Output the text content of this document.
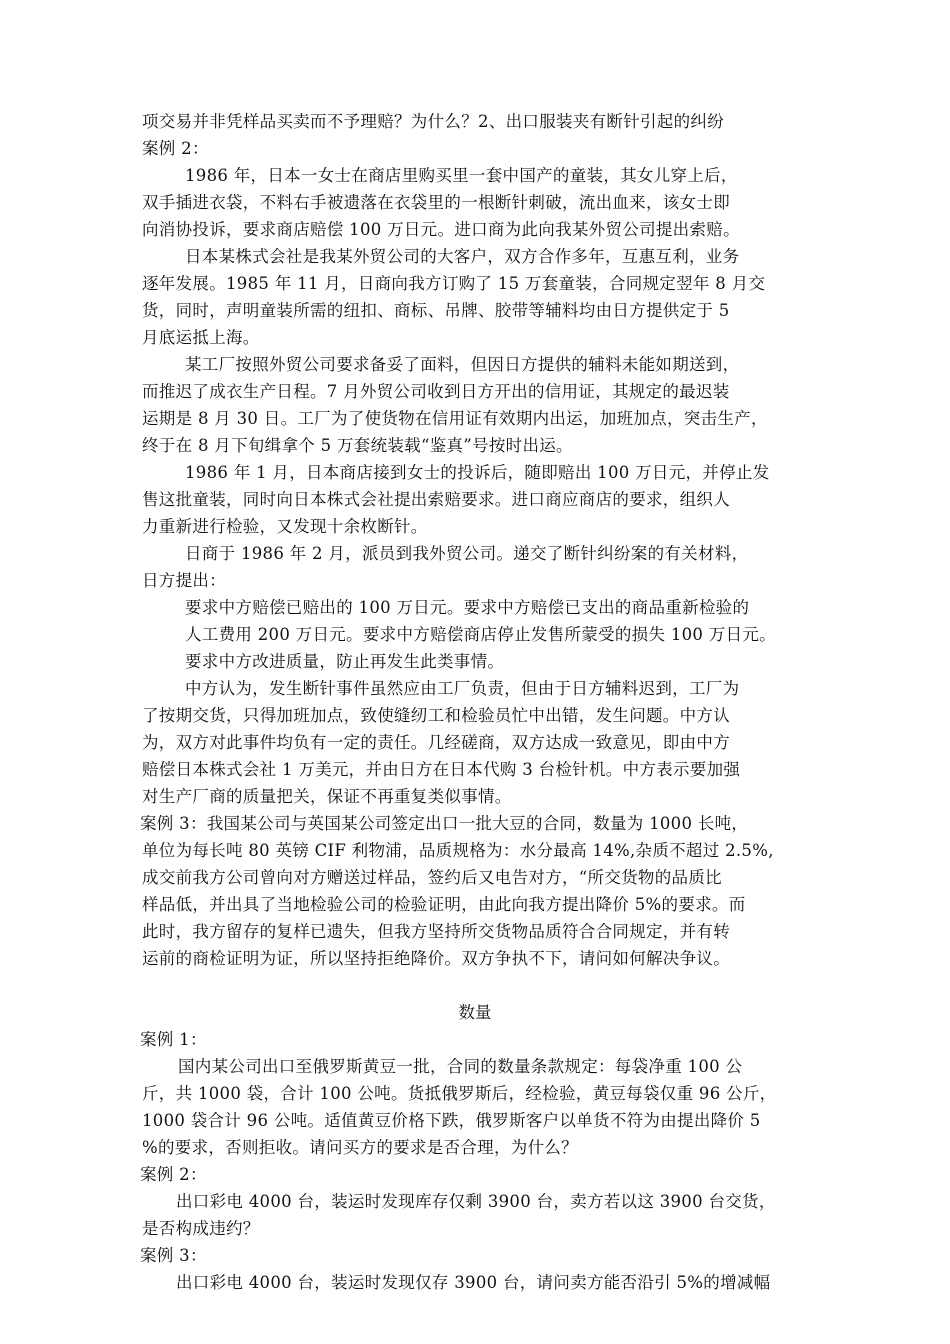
项交易并非凭样品买卖而不予理赔？为什么？2、出口服装夹有断针引起的纠纷
案例 2：
1986 年，日本一女士在商店里购买里一套中国产的童装，其女儿穿上后，
双手插进衣袋，不料右手被遗落在衣袋里的一根断针刺破，流出血来，该女士即
向消协投诉，要求商店赔偿 100 万日元。进口商为此向我某外贸公司提出索赔。
日本某株式会社是我某外贸公司的大客户，双方合作多年，互惠互利，业务
逐年发展。1985 年 11 月，日商向我方订购了 15 万套童装，合同规定翌年 8 月交
货，同时，声明童装所需的纽扣、商标、吊牌、胶带等辅料均由日方提供定于 5
月底运抵上海。
某工厂按照外贸公司要求备妥了面料，但因日方提供的辅料未能如期送到，
而推迟了成衣生产日程。7 月外贸公司收到日方开出的信用证，其规定的最迟装
运期是 8 月 30 日。工厂为了使货物在信用证有效期内出运，加班加点，突击生产，
终于在 8 月下旬缉拿个 5 万套统装载“鉴真”号按时出运。
1986 年 1 月，日本商店接到女士的投诉后，随即赔出 100 万日元，并停止发
售这批童装，同时向日本株式会社提出索赔要求。进口商应商店的要求，组织人
力重新进行检验，又发现十余枚断针。
日商于 1986 年 2 月，派员到我外贸公司。递交了断针纠纷案的有关材料，
日方提出：
要求中方赔偿已赔出的 100 万日元。要求中方赔偿已支出的商品重新检验的
人工费用 200 万日元。要求中方赔偿商店停止发售所蒙受的损失 100 万日元。
要求中方改进质量，防止再发生此类事情。
中方认为，发生断针事件虽然应由工厂负责，但由于日方辅料迟到，工厂为
了按期交货，只得加班加点，致使缝纫工和检验员忙中出错，发生问题。中方认
为，双方对此事件均负有一定的责任。几经磋商，双方达成一致意见，即由中方
赔偿日本株式会社 1 万美元，并由日方在日本代购 3 台检针机。中方表示要加强
对生产厂商的质量把关，保证不再重复类似事情。
案例 3：我国某公司与英国某公司签定出口一批大豆的合同，数量为 1000 长吨，
单位为每长吨 80 英镑 CIF 利物浦，品质规格为：水分最高 14%,杂质不超过 2.5%,
成交前我方公司曾向对方赠送过样品，签约后又电告对方，“所交货物的品质比
样品低，并出具了当地检验公司的检验证明，由此向我方提出降价 5%的要求。而
此时，我方留存的复样已遗失，但我方坚持所交货物品质符合合同规定，并有转
运前的商检证明为证，所以坚持拒绝降价。双方争执不下，请问如何解决争议。
数量
案例 1：
国内某公司出口至俄罗斯黄豆一批，合同的数量条款规定：每袋净重 100 公
斤，共 1000 袋，合计 100 公吨。货抵俄罗斯后，经检验，黄豆每袋仅重 96 公斤，
1000 袋合计 96 公吨。适值黄豆价格下跌，俄罗斯客户以单货不符为由提出降价 5
%的要求，否则拒收。请问买方的要求是否合理，为什么？
案例 2：
出口彩电 4000 台，装运时发现库存仅剩 3900 台，卖方若以这 3900 台交货，
是否构成违约？
案例 3：
出口彩电 4000 台，装运时发现仅存 3900 台，请问卖方能否沿引 5%的增减幅
